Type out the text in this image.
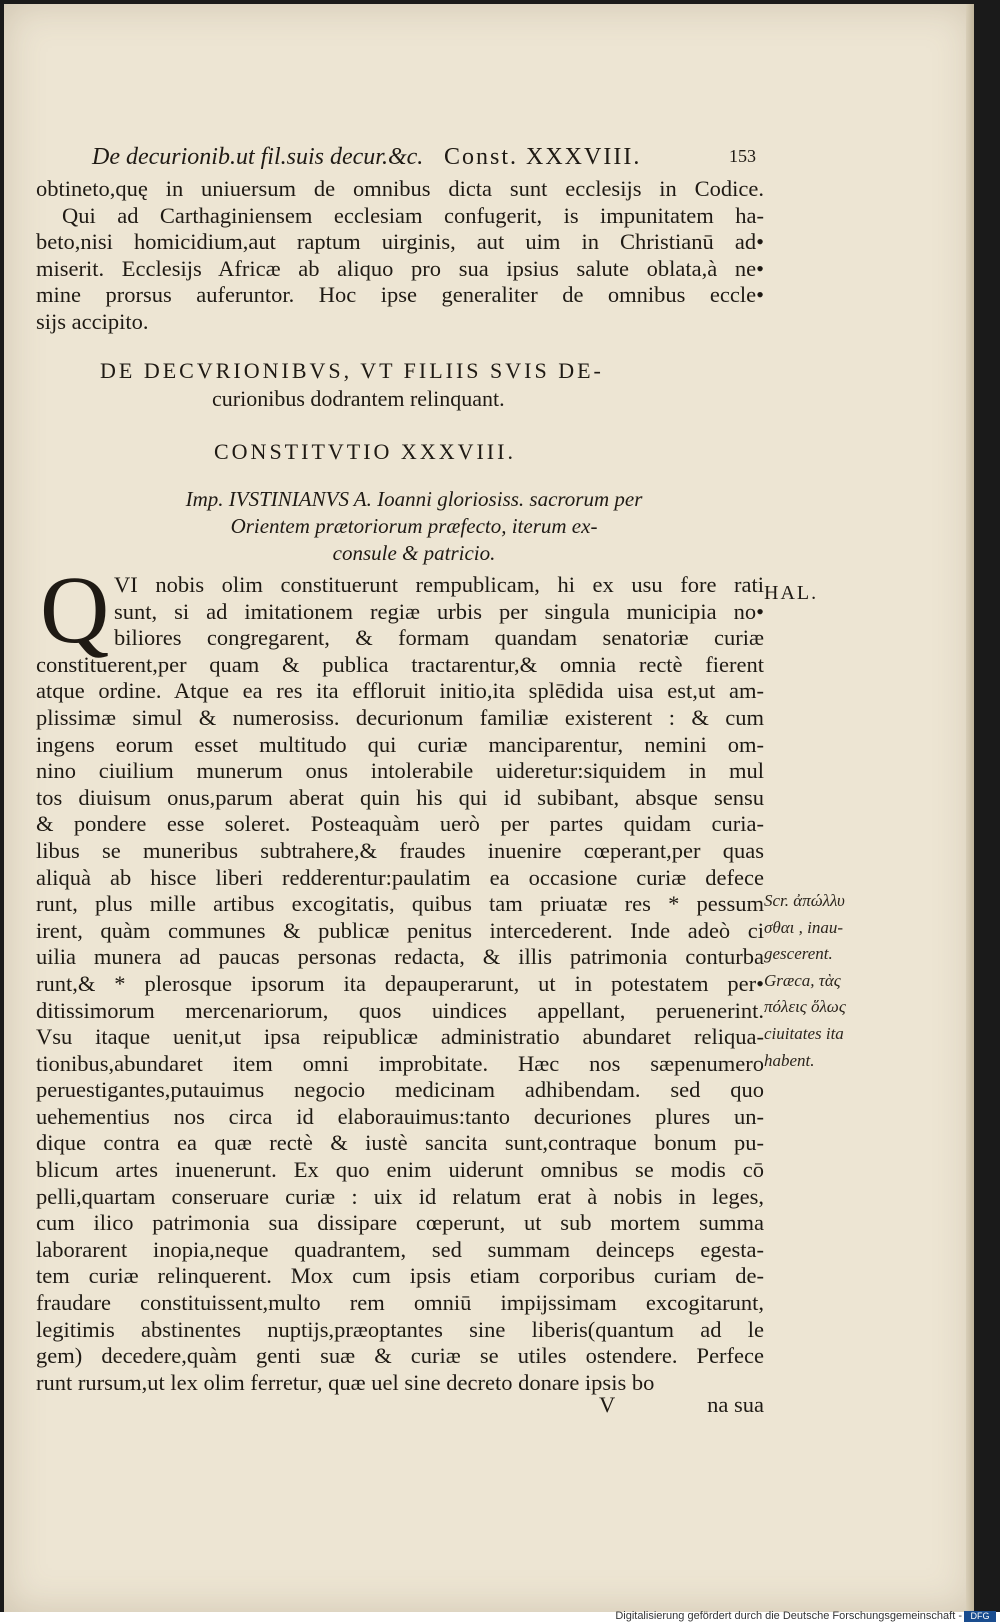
De decurionib.ut fil.suis decur.&c. Const. XXXVIII.	153
obtineto,quę in uniuersum de omnibus dicta sunt ecclesijs in Codice.
Qui ad Carthaginiensem ecclesiam confugerit, is impunitatem ha-
beto,nisi homicidium,aut raptum uirginis, aut uim in Christianū ad•
miserit. Ecclesijs Africæ ab aliquo pro sua ipsius salute oblata,à ne•
mine prorsus auferuntor. Hoc ipse generaliter de omnibus eccle•
sijs accipito.
DE DECVRIONIBVS, VT FILIIS SVIS DE-
curionibus dodrantem relinquant.
CONSTITVTIO XXXVIII.
Imp. IVSTINIANVS A. Ioanni gloriosiss. sacrorum per
Orientem prætoriorum præfecto, iterum ex-
consule & patricio.
Q VI nobis olim constituerunt rempublicam, hi ex usu fore rati
sunt, si ad imitationem regiæ urbis per singula municipia no•
biliores congregarent, & formam quandam senatoriæ curiæ
constituerent,per quam & publica tractarentur,& omnia rectè fierent
atque ordine. Atque ea res ita effloruit initio,ita splēdida uisa est,ut am-
plissimæ simul & numerosiss. decurionum familiæ existerent : & cum
ingens eorum esset multitudo qui curiæ manciparentur, nemini om-
nino ciuilium munerum onus intolerabile uideretur:siquidem in mul
tos diuisum onus,parum aberat quin his qui id subibant, absque sensu
& pondere esse soleret. Posteaquàm uerò per partes quidam curia-
libus se muneribus subtrahere,& fraudes inuenire cœperant,per quas
aliquà ab hisce liberi redderentur:paulatim ea occasione curiæ defece
runt, plus mille artibus excogitatis, quibus tam priuatæ res * pessum
irent, quàm communes & publicæ penitus intercederent. Inde adeò ci
uilia munera ad paucas personas redacta, & illis patrimonia conturba
runt,& * plerosque ipsorum ita depauperarunt, ut in potestatem per•
ditissimorum mercenariorum, quos uindices appellant, peruenerint.
Vsu itaque uenit,ut ipsa reipublicæ administratio abundaret reliqua-
tionibus,abundaret item omni improbitate. Hæc nos sæpenumero
peruestigantes,putauimus negocio medicinam adhibendam. sed quo
uehementius nos circa id elaborauimus:tanto decuriones plures un-
dique contra ea quæ rectè & iustè sancita sunt,contraque bonum pu-
blicum artes inuenerunt. Ex quo enim uiderunt omnibus se modis cō
pelli,quartam conseruare curiæ : uix id relatum erat à nobis in leges,
cum ilico patrimonia sua dissipare cœperunt, ut sub mortem summa
laborarent inopia,neque quadrantem, sed summam deinceps egesta-
tem curiæ relinquerent. Mox cum ipsis etiam corporibus curiam de-
fraudare constituissent,multo rem omniū impijssimam excogitarunt,
legitimis abstinentes nuptijs,præoptantes sine liberis(quantum ad le
gem) decedere,quàm genti suæ & curiæ se utiles ostendere. Perfece
runt rursum,ut lex olim ferretur, quæ uel sine decreto donare ipsis bo
HAL.
Scr. ἀπώλλυ
σθαι , inau-
gescerent.
Græca, τὰς
πόλεις ὅλως
ciuitates ita
habent.
V	na sua
Digitalisierung gefördert durch die Deutsche Forschungsgemeinschaft - DFG
